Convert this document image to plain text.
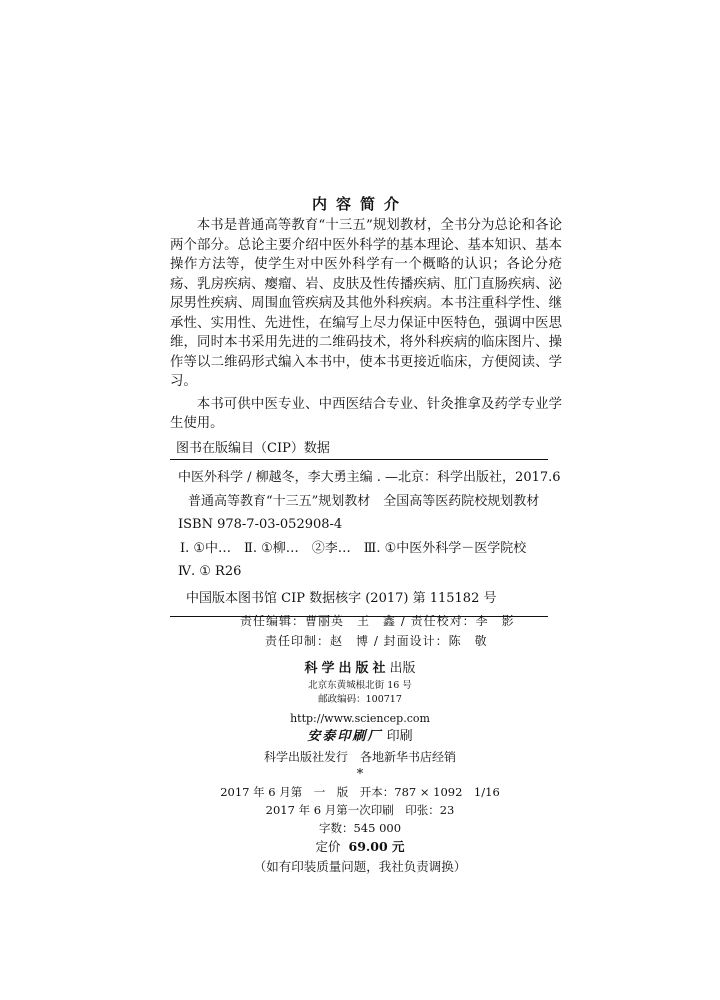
内容简介

本书是普通高等教育“十三五”规划教材，全书分为总论和各论两个部分。总论主要介绍中医外科学的基本理论、基本知识、基本操作方法等，使学生对中医外科学有一个概略的认识；各论分疮疡、乳房疾病、瘿瘤、岩、皮肤及性传播疾病、肛门直肠疾病、泌尿男性疾病、周围血管疾病及其他外科疾病。本书注重科学性、继承性、实用性、先进性，在编写上尽力保证中医特色，强调中医思维，同时本书采用先进的二维码技术，将外科疾病的临床图片、操作等以二维码形式编入本书中，使本书更接近临床，方便阅读、学习。

本书可供中医专业、中西医结合专业、针灸推拿及药学专业学生使用。

图书在版编目（CIP）数据
中医外科学 / 柳越冬，李大勇主编 . —北京：科学出版社，2017.6
普通高等教育“十三五”规划教材　全国高等医药院校规划教材
ISBN 978-7-03-052908-4
Ⅰ. ①中…　Ⅱ. ①柳…　②李…　Ⅲ. ①中医外科学－医学院校
Ⅳ. ① R26
中国版本图书馆 CIP 数据核字 (2017) 第 115182 号
责任编辑：曹丽英　王　鑫 / 责任校对：李　影
责任印制：赵　博 / 封面设计：陈　敬
科学出版社出版
北京东黄城根北街 16 号
邮政编码：100717
http://www.sciencep.com
安泰印刷厂 印刷
科学出版社发行　各地新华书店经销
*
2017 年 6 月第　一　版　开本：787 × 1092　1/16
2017 年 6 月第一次印刷　印张：23
字数：545 000
定价 69.00 元
（如有印装质量问题，我社负责调换）
